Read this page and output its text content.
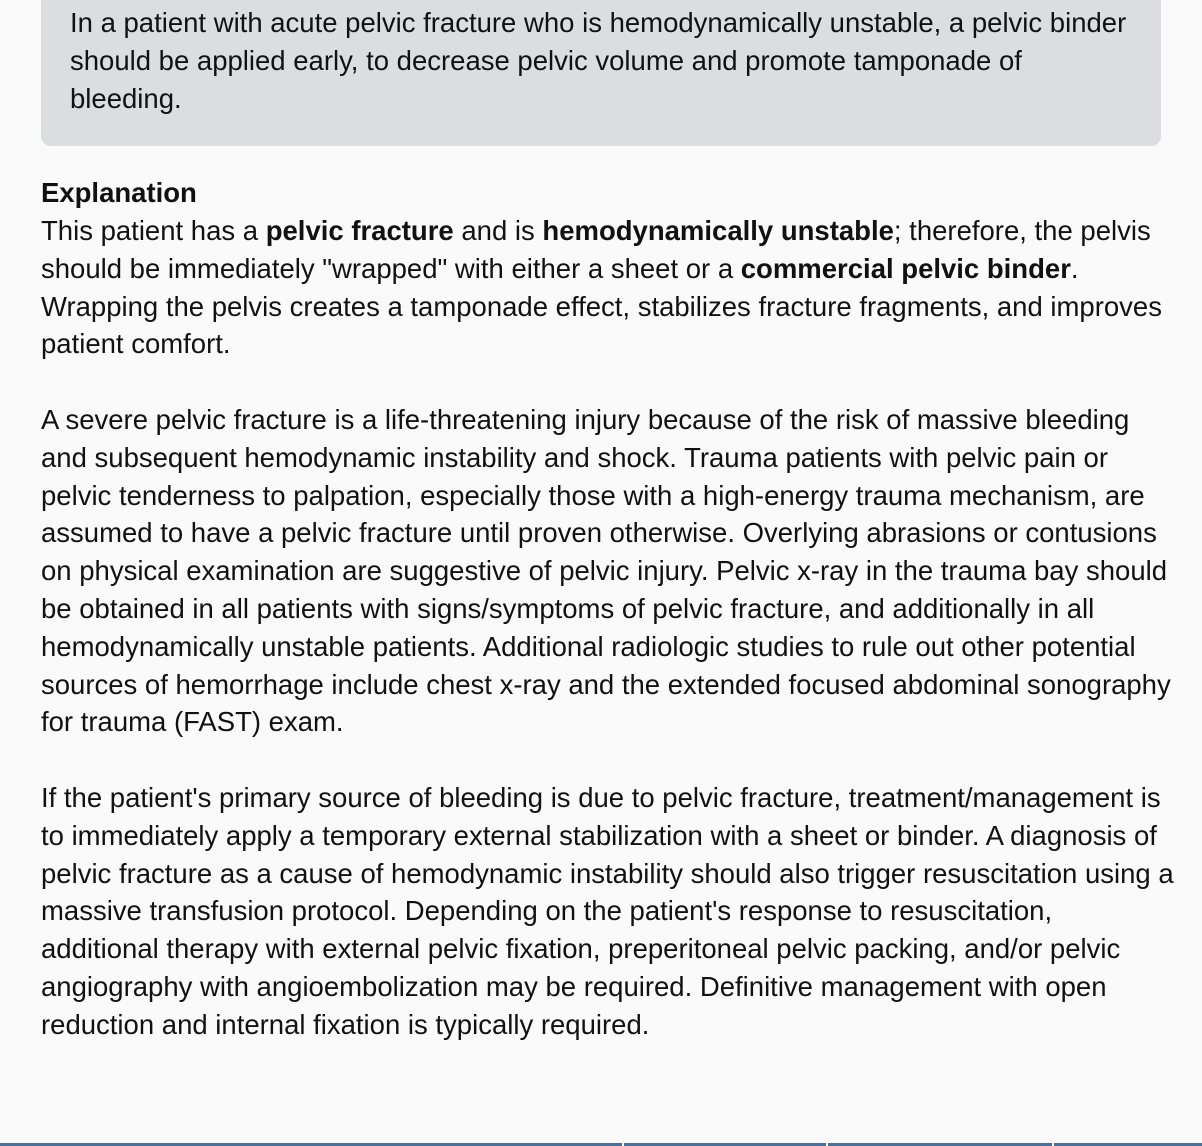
In a patient with acute pelvic fracture who is hemodynamically unstable, a pelvic binder should be applied early, to decrease pelvic volume and promote tamponade of bleeding.

Explanation

This patient has a pelvic fracture and is hemodynamically unstable; therefore, the pelvis should be immediately "wrapped" with either a sheet or a commercial pelvic binder. Wrapping the pelvis creates a tamponade effect, stabilizes fracture fragments, and improves patient comfort.

A severe pelvic fracture is a life-threatening injury because of the risk of massive bleeding and subsequent hemodynamic instability and shock. Trauma patients with pelvic pain or pelvic tenderness to palpation, especially those with a high-energy trauma mechanism, are assumed to have a pelvic fracture until proven otherwise. Overlying abrasions or contusions on physical examination are suggestive of pelvic injury. Pelvic x-ray in the trauma bay should be obtained in all patients with signs/symptoms of pelvic fracture, and additionally in all hemodynamically unstable patients. Additional radiologic studies to rule out other potential sources of hemorrhage include chest x-ray and the extended focused abdominal sonography for trauma (FAST) exam.

If the patient's primary source of bleeding is due to pelvic fracture, treatment/management is to immediately apply a temporary external stabilization with a sheet or binder. A diagnosis of pelvic fracture as a cause of hemodynamic instability should also trigger resuscitation using a massive transfusion protocol. Depending on the patient's response to resuscitation, additional therapy with external pelvic fixation, preperitoneal pelvic packing, and/or pelvic angiography with angioembolization may be required. Definitive management with open reduction and internal fixation is typically required.
